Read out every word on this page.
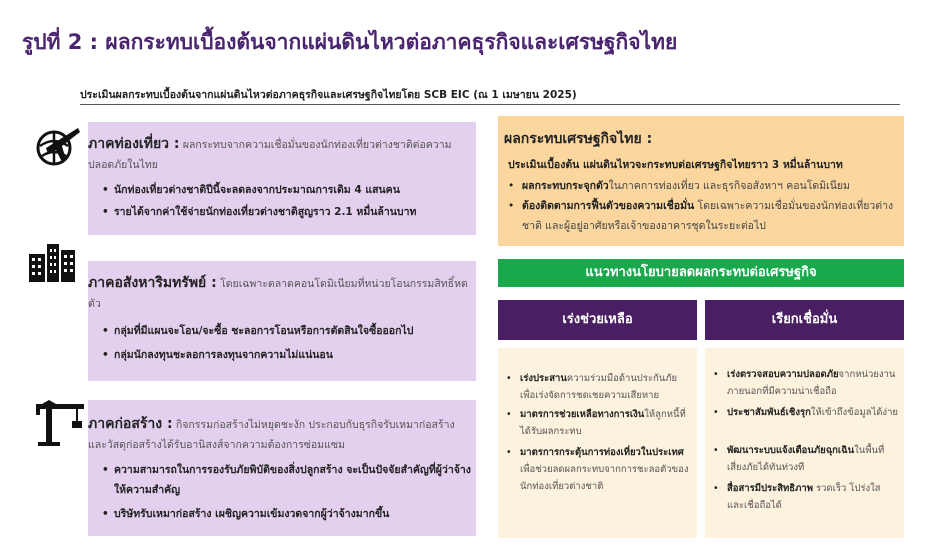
รูปที่ 2 : ผลกระทบเบื้องต้นจากแผ่นดินไหวต่อภาคธุรกิจและเศรษฐกิจไทย
ประเมินผลกระทบเบื้องต้นจากแผ่นดินไหวต่อภาคธุรกิจและเศรษฐกิจไทยโดย SCB EIC (ณ 1 เมษายน 2025)
ภาคท่องเที่ยว : ผลกระทบจากความเชื่อมั่นของนักท่องเที่ยวต่างชาติต่อความปลอดภัยในไทย
• นักท่องเที่ยวต่างชาติปีนี้จะลดลงจากประมาณการเดิม 4 แสนคน
• รายได้จากค่าใช้จ่ายนักท่องเที่ยวต่างชาติสูญราว 2.1 หมื่นล้านบาท
ภาคอสังหาริมทรัพย์ : โดยเฉพาะตลาดคอนโดมิเนียมที่หน่วยโอนกรรมสิทธิ์หดตัว
• กลุ่มที่มีแผนจะโอน/จะซื้อ ชะลอการโอนหรือการตัดสินใจซื้อออกไป
• กลุ่มนักลงทุนชะลอการลงทุนจากความไม่แน่นอน
ภาคก่อสร้าง : กิจกรรมก่อสร้างไม่หยุดชะงัก ประกอบกับธุรกิจรับเหมาก่อสร้าง และวัสดุก่อสร้างได้รับอานิสงส์จากความต้องการซ่อมแซม
• ความสามารถในการรองรับภัยพิบัติของสิ่งปลูกสร้าง จะเป็นปัจจัยสำคัญที่ผู้ว่าจ้างให้ความสำคัญ
• บริษัทรับเหมาก่อสร้าง เผชิญความเข้มงวดจากผู้ว่าจ้างมากขึ้น
ผลกระทบเศรษฐกิจไทย :
ประเมินเบื้องต้น แผ่นดินไหวจะกระทบต่อเศรษฐกิจไทยราว 3 หมื่นล้านบาท
• ผลกระทบกระจุกตัวในภาคการท่องเที่ยว และธุรกิจอสังหาฯ คอนโดมิเนียม
• ต้องติดตามการฟื้นตัวของความเชื่อมั่น โดยเฉพาะความเชื่อมั่นของนักท่องเที่ยวต่างชาติ และผู้อยู่อาศัยหรือเจ้าของอาคารชุดในระยะต่อไป
แนวทางนโยบายลดผลกระทบต่อเศรษฐกิจ
เร่งช่วยเหลือ	เรียกเชื่อมั่น
• เร่งประสานความร่วมมือด้านประกันภัยเพื่อเร่งจัดการชดเชยความเสียหาย
• มาตรการช่วยเหลือทางการเงินให้ลูกหนี้ที่ได้รับผลกระทบ
• มาตรการกระตุ้นการท่องเที่ยวในประเทศ เพื่อช่วยลดผลกระทบจากการชะลอตัวของนักท่องเที่ยวต่างชาติ
• เร่งตรวจสอบความปลอดภัยจากหน่วยงานภายนอกที่มีความน่าเชื่อถือ
• ประชาสัมพันธ์เชิงรุกให้เข้าถึงข้อมูลได้ง่าย
• พัฒนาระบบแจ้งเตือนภัยฉุกเฉินในพื้นที่เสี่ยงภัยได้ทันท่วงที
• สื่อสารมีประสิทธิภาพ รวดเร็ว โปร่งใส และเชื่อถือได้
